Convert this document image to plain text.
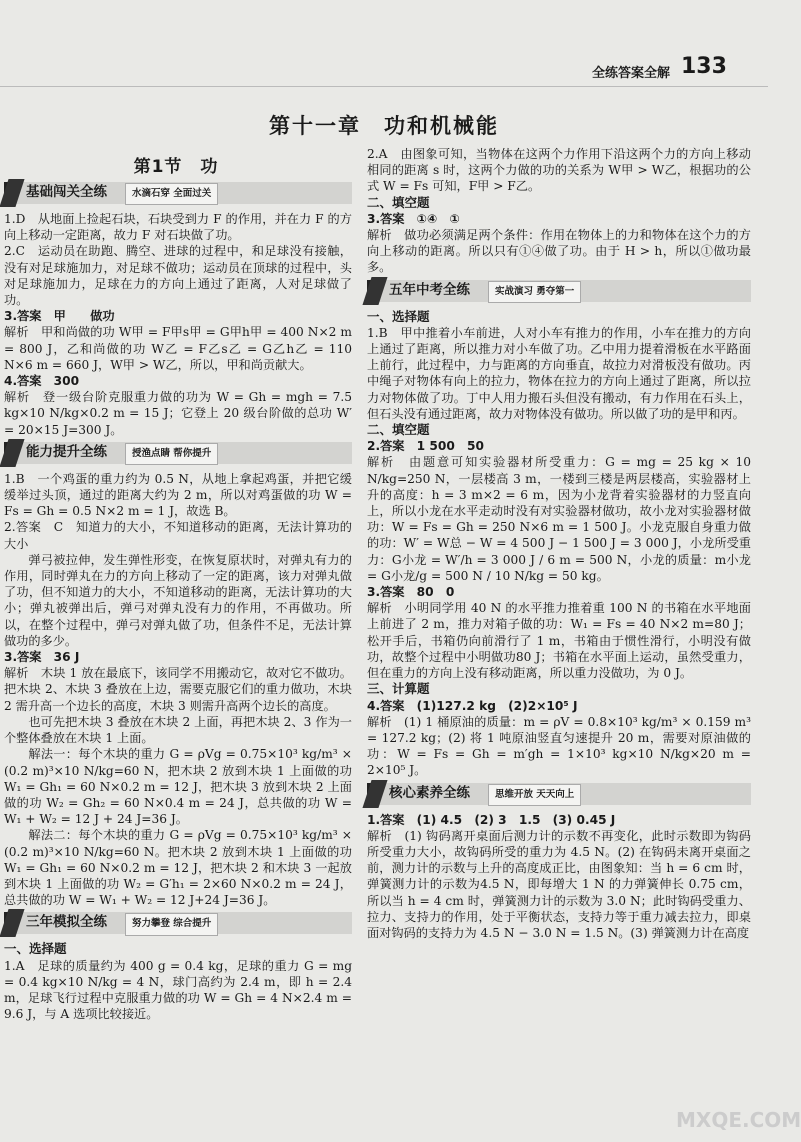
全练答案全解 133
第十一章　功和机械能
第1节　功
基础闯关全练	水滴石穿 全面过关

1.D　从地面上捡起石块，石块受到力 F 的作用，并在力 F 的方向上移动一定距离，故力 F 对石块做了功。

2.C　运动员在助跑、腾空、进球的过程中，和足球没有接触，没有对足球施加力，对足球不做功；运动员在顶球的过程中，头对足球施加力，足球在力的方向上通过了距离，人对足球做了功。

3.答案　甲　　做功

解析　甲和尚做的功 W甲 = F甲s甲 = G甲h甲 = 400 N×2 m = 800 J，乙和尚做的功 W乙 = F乙s乙 = G乙h乙 = 110 N×6 m = 660 J，W甲 > W乙，所以，甲和尚贡献大。

4.答案　300

解析　登一级台阶克服重力做的功为 W = Gh = mgh = 7.5 kg×10 N/kg×0.2 m = 15 J；它登上 20 级台阶做的总功 W′ = 20×15 J=300 J。

能力提升全练	授渔点睛 帮你提升

1.B　一个鸡蛋的重力约为 0.5 N，从地上拿起鸡蛋，并把它缓缓举过头顶，通过的距离大约为 2 m，所以对鸡蛋做的功 W = Fs = Gh = 0.5 N×2 m = 1 J，故选 B。

2.答案　C　知道力的大小，不知道移动的距离，无法计算功的大小

弹弓被拉伸，发生弹性形变，在恢复原状时，对弹丸有力的作用，同时弹丸在力的方向上移动了一定的距离，该力对弹丸做了功，但不知道力的大小，不知道移动的距离，无法计算功的大小；弹丸被弹出后，弹弓对弹丸没有力的作用，不再做功。所以，在整个过程中，弹弓对弹丸做了功，但条件不足，无法计算做功的多少。

3.答案　36 J

解析　木块 1 放在最底下，该同学不用搬动它，故对它不做功。把木块 2、木块 3 叠放在上边，需要克服它们的重力做功，木块 2 需升高一个边长的高度，木块 3 则需升高两个边长的高度。

也可先把木块 3 叠放在木块 2 上面，再把木块 2、3 作为一个整体叠放在木块 1 上面。

解法一：每个木块的重力 G = ρVg = 0.75×10³ kg/m³ × (0.2 m)³×10 N/kg=60 N，把木块 2 放到木块 1 上面做的功 W₁ = Gh₁ = 60 N×0.2 m = 12 J，把木块 3 放到木块 2 上面做的功 W₂ = Gh₂ = 60 N×0.4 m = 24 J，总共做的功 W = W₁ + W₂ = 12 J + 24 J=36 J。

解法二：每个木块的重力 G = ρVg = 0.75×10³ kg/m³ × (0.2 m)³×10 N/kg=60 N。把木块 2 放到木块 1 上面做的功 W₁ = Gh₁ = 60 N×0.2 m = 12 J，把木块 2 和木块 3 一起放到木块 1 上面做的功 W₂ = G′h₁ = 2×60 N×0.2 m = 24 J，总共做的功 W = W₁ + W₂ = 12 J+24 J=36 J。

三年模拟全练	努力攀登 综合提升
一、选择题

1.A　足球的质量约为 400 g = 0.4 kg，足球的重力 G = mg = 0.4 kg×10 N/kg = 4 N，球门高约为 2.4 m，即 h = 2.4 m，足球飞行过程中克服重力做的功 W = Gh = 4 N×2.4 m = 9.6 J，与 A 选项比较接近。

2.A　由图象可知，当物体在这两个力作用下沿这两个力的方向上移动相同的距离 s 时，这两个力做的功的关系为 W甲 > W乙，根据功的公式 W = Fs 可知，F甲 > F乙。

二、填空题

3.答案　①④　①

解析　做功必须满足两个条件：作用在物体上的力和物体在这个力的方向上移动的距离。所以只有①④做了功。由于 H > h，所以①做功最多。

五年中考全练	实战演习 勇夺第一
一、选择题

1.B　甲中推着小车前进，人对小车有推力的作用，小车在推力的方向上通过了距离，所以推力对小车做了功。乙中用力提着滑板在水平路面上前行，此过程中，力与距离的方向垂直，故拉力对滑板没有做功。丙中绳子对物体有向上的拉力，物体在拉力的方向上通过了距离，所以拉力对物体做了功。丁中人用力搬石头但没有搬动，有力作用在石头上，但石头没有通过距离，故力对物体没有做功。所以做了功的是甲和丙。

二、填空题

2.答案　1 500　50

解析　由题意可知实验器材所受重力：G = mg = 25 kg × 10 N/kg=250 N，一层楼高 3 m，一楼到三楼是两层楼高，实验器材上升的高度：h = 3 m×2 = 6 m，因为小龙背着实验器材的力竖直向上，所以小龙在水平走动时没有对实验器材做功，故小龙对实验器材做功：W = Fs = Gh = 250 N×6 m = 1 500 J。小龙克服自身重力做的功：W′ = W总 − W = 4 500 J − 1 500 J = 3 000 J，小龙所受重力：G小龙 = W′/h = 3 000 J / 6 m = 500 N，小龙的质量：m小龙 = G小龙/g = 500 N / 10 N/kg = 50 kg。

3.答案　80　0

解析　小明同学用 40 N 的水平推力推着重 100 N 的书箱在水平地面上前进了 2 m，推力对箱子做的功：W₁ = Fs = 40 N×2 m=80 J；松开手后，书箱仍向前滑行了 1 m，书箱由于惯性滑行，小明没有做功，故整个过程中小明做功80 J；书箱在水平面上运动，虽然受重力，但在重力的方向上没有移动距离，所以重力没做功，为 0 J。

三、计算题

4.答案　(1)127.2 kg　(2)2×10⁵ J

解析　(1) 1 桶原油的质量：m = ρV = 0.8×10³ kg/m³ × 0.159 m³ = 127.2 kg；(2) 将 1 吨原油竖直匀速提升 20 m，需要对原油做的功：W = Fs = Gh = m′gh = 1×10³ kg×10 N/kg×20 m = 2×10⁵ J。

核心素养全练	思维开放 天天向上

1.答案　(1) 4.5　(2) 3　1.5　(3) 0.45 J

解析　(1) 钩码离开桌面后测力计的示数不再变化，此时示数即为钩码所受重力大小，故钩码所受的重力为 4.5 N。(2) 在钩码未离开桌面之前，测力计的示数与上升的高度成正比，由图象知：当 h = 6 cm 时，弹簧测力计的示数为4.5 N，即每增大 1 N 的力弹簧伸长 0.75 cm，所以当 h = 4 cm 时，弹簧测力计的示数为 3.0 N；此时钩码受重力、拉力、支持力的作用，处于平衡状态，支持力等于重力减去拉力，即桌面对钩码的支持力为 4.5 N − 3.0 N = 1.5 N。(3) 弹簧测力计在高度

MXQE.COM
